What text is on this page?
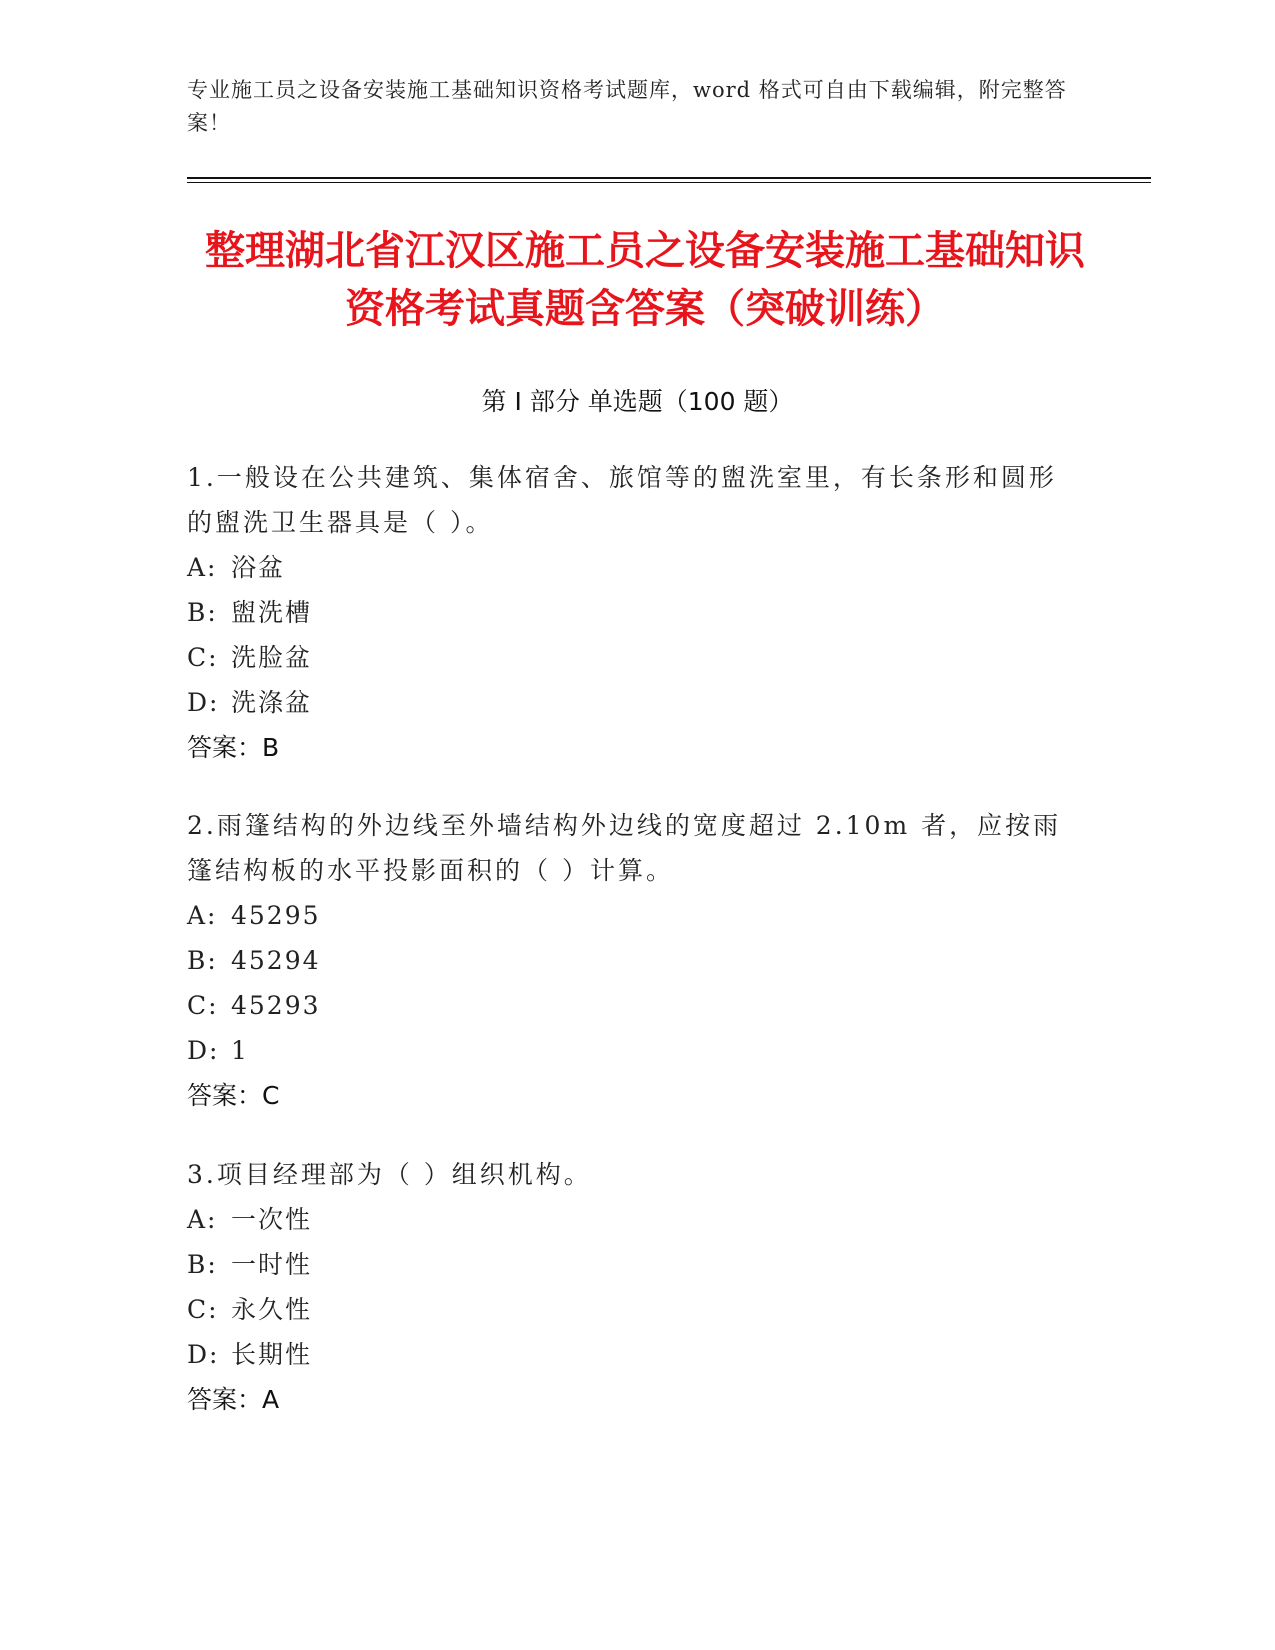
专业施工员之设备安装施工基础知识资格考试题库，word 格式可自由下载编辑，附完整答案！
整理湖北省江汉区施工员之设备安装施工基础知识资格考试真题含答案（突破训练）
第 I 部分 单选题（100 题）

1.一般设在公共建筑、集体宿舍、旅馆等的盥洗室里，有长条形和圆形的盥洗卫生器具是（ ）。

A: 浴盆

B: 盥洗槽

C: 洗脸盆

D: 洗涤盆

答案：B

2.雨篷结构的外边线至外墙结构外边线的宽度超过 2.10m 者，应按雨篷结构板的水平投影面积的（ ）计算。

A: 45295

B: 45294

C: 45293

D: 1

答案：C

3.项目经理部为（ ）组织机构。

A: 一次性

B: 一时性

C: 永久性

D: 长期性

答案：A
